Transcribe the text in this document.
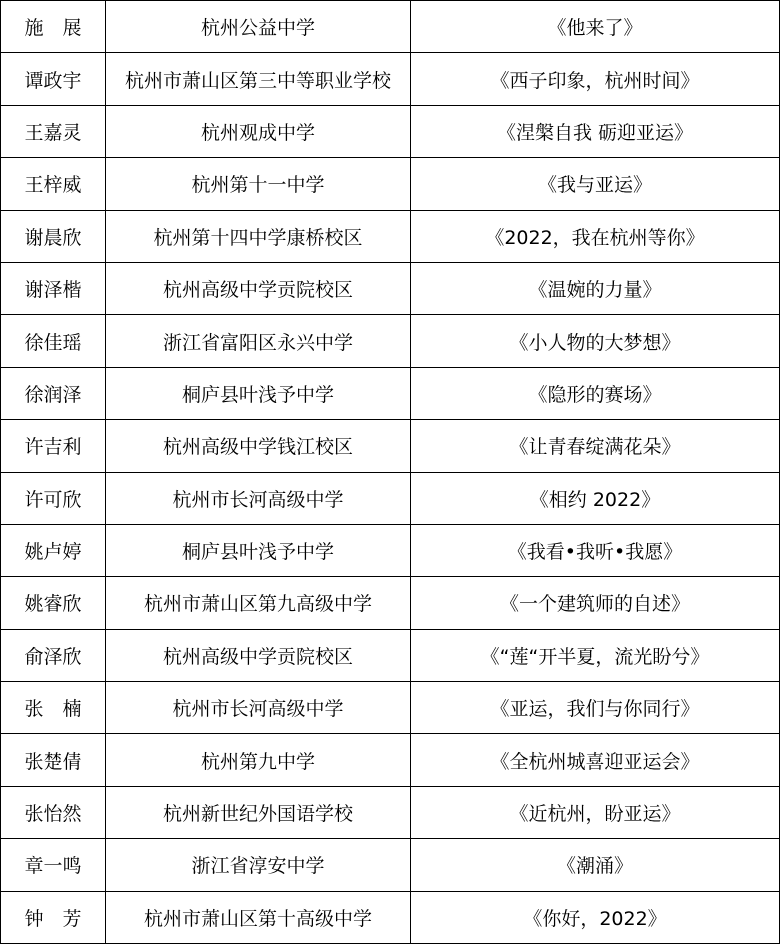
施　展	杭州公益中学	《他来了》
谭政宇	杭州市萧山区第三中等职业学校	《西子印象，杭州时间》
王嘉灵	杭州观成中学	《涅槃自我 砺迎亚运》
王梓威	杭州第十一中学	《我与亚运》
谢晨欣	杭州第十四中学康桥校区	《2022，我在杭州等你》
谢泽楷	杭州高级中学贡院校区	《温婉的力量》
徐佳瑶	浙江省富阳区永兴中学	《小人物的大梦想》
徐润泽	桐庐县叶浅予中学	《隐形的赛场》
许吉利	杭州高级中学钱江校区	《让青春绽满花朵》
许可欣	杭州市长河高级中学	《相约 2022》
姚卢婷	桐庐县叶浅予中学	《我看•我听•我愿》
姚睿欣	杭州市萧山区第九高级中学	《一个建筑师的自述》
俞泽欣	杭州高级中学贡院校区	《“莲“开半夏，流光盼兮》
张　楠	杭州市长河高级中学	《亚运，我们与你同行》
张楚倩	杭州第九中学	《全杭州城喜迎亚运会》
张怡然	杭州新世纪外国语学校	《近杭州，盼亚运》
章一鸣	浙江省淳安中学	《潮涌》
钟　芳	杭州市萧山区第十高级中学	《你好，2022》
